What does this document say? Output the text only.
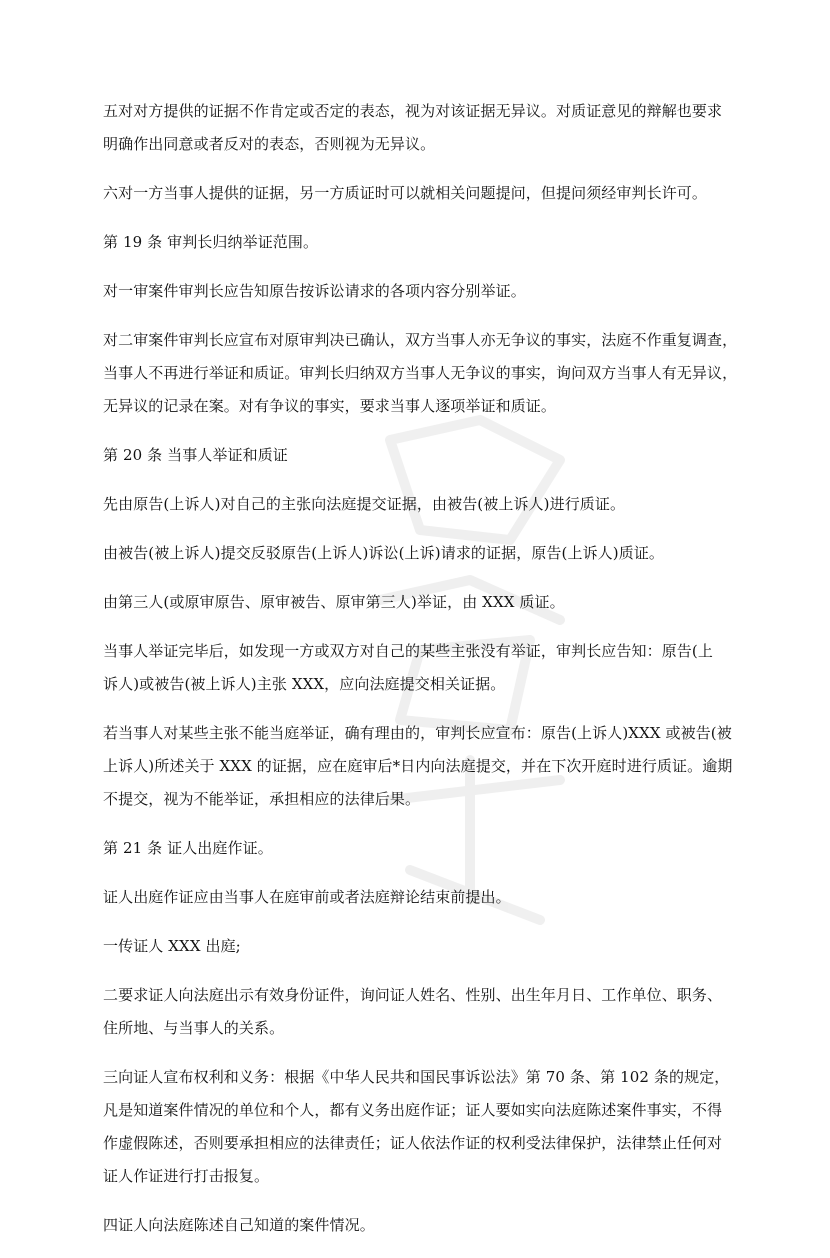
五对对方提供的证据不作肯定或否定的表态，视为对该证据无异议。对质证意见的辩解也要求
明确作出同意或者反对的表态，否则视为无异议。

六对一方当事人提供的证据，另一方质证时可以就相关问题提问，但提问须经审判长许可。

第 19 条 审判长归纳举证范围。

对一审案件审判长应告知原告按诉讼请求的各项内容分别举证。

对二审案件审判长应宣布对原审判决已确认，双方当事人亦无争议的事实，法庭不作重复调查，
当事人不再进行举证和质证。审判长归纳双方当事人无争议的事实，询问双方当事人有无异议，
无异议的记录在案。对有争议的事实，要求当事人逐项举证和质证。

第 20 条 当事人举证和质证

先由原告(上诉人)对自己的主张向法庭提交证据，由被告(被上诉人)进行质证。

由被告(被上诉人)提交反驳原告(上诉人)诉讼(上诉)请求的证据，原告(上诉人)质证。

由第三人(或原审原告、原审被告、原审第三人)举证，由 XXX 质证。

当事人举证完毕后，如发现一方或双方对自己的某些主张没有举证，审判长应告知：原告(上
诉人)或被告(被上诉人)主张 XXX，应向法庭提交相关证据。

若当事人对某些主张不能当庭举证，确有理由的，审判长应宣布：原告(上诉人)XXX 或被告(被
上诉人)所述关于 XXX 的证据，应在庭审后*日内向法庭提交，并在下次开庭时进行质证。逾期
不提交，视为不能举证，承担相应的法律后果。

第 21 条 证人出庭作证。

证人出庭作证应由当事人在庭审前或者法庭辩论结束前提出。

一传证人 XXX 出庭;

二要求证人向法庭出示有效身份证件，询问证人姓名、性别、出生年月日、工作单位、职务、
住所地、与当事人的关系。

三向证人宣布权利和义务：根据《中华人民共和国民事诉讼法》第 70 条、第 102 条的规定，
凡是知道案件情况的单位和个人，都有义务出庭作证；证人要如实向法庭陈述案件事实，不得
作虚假陈述，否则要承担相应的法律责任；证人依法作证的权利受法律保护，法律禁止任何对
证人作证进行打击报复。

四证人向法庭陈述自己知道的案件情况。
